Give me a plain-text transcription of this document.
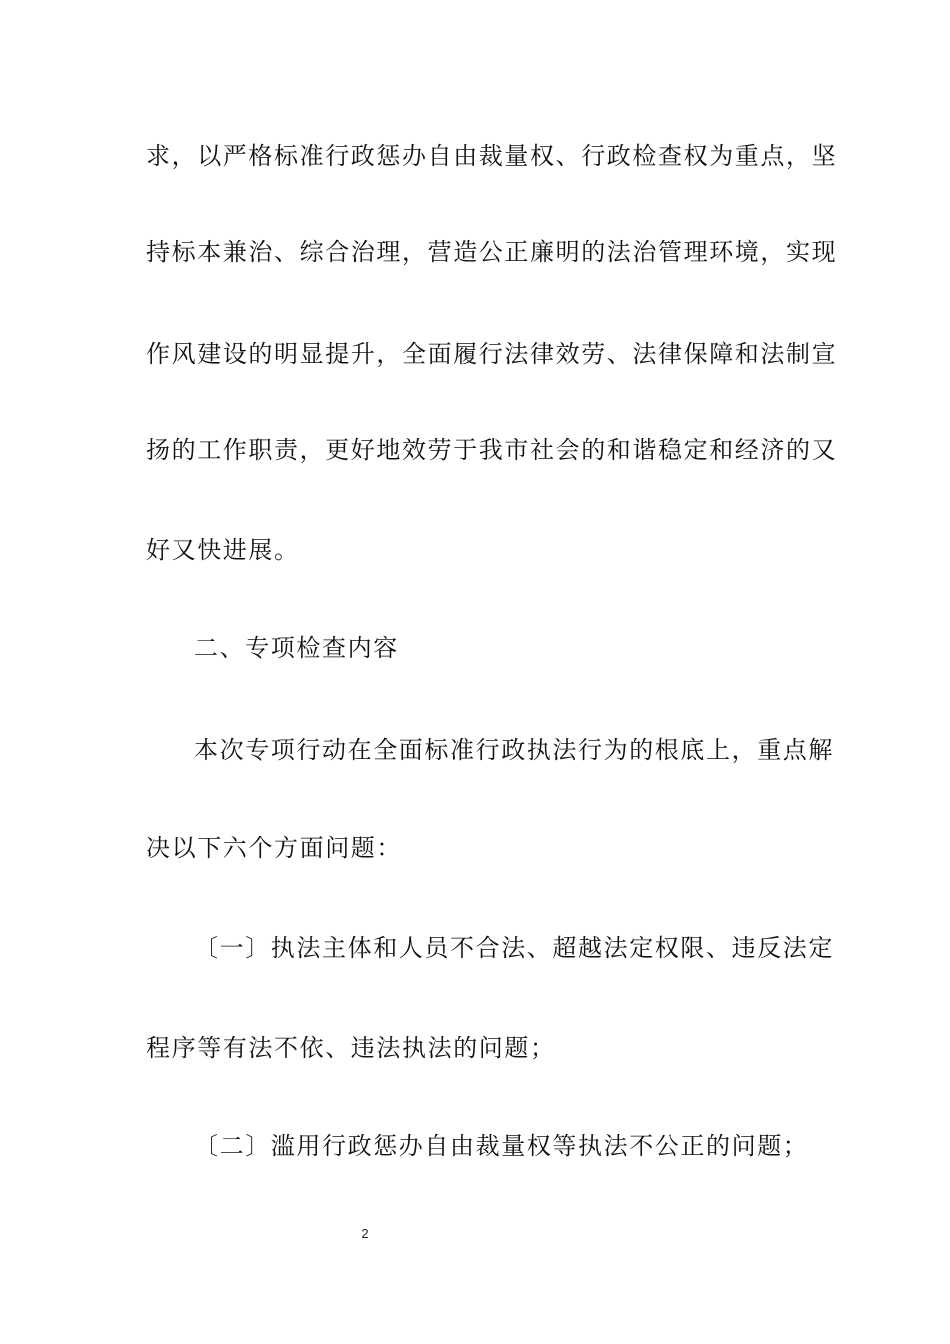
求，以严格标准行政惩办自由裁量权、行政检查权为重点，坚
持标本兼治、综合治理，营造公正廉明的法治管理环境，实现
作风建设的明显提升，全面履行法律效劳、法律保障和法制宣
扬的工作职责，更好地效劳于我市社会的和谐稳定和经济的又
好又快进展。
二、专项检查内容
本次专项行动在全面标准行政执法行为的根底上，重点解
决以下六个方面问题：
〔一〕执法主体和人员不合法、超越法定权限、违反法定
程序等有法不依、违法执法的问题；
〔二〕滥用行政惩办自由裁量权等执法不公正的问题；
2
